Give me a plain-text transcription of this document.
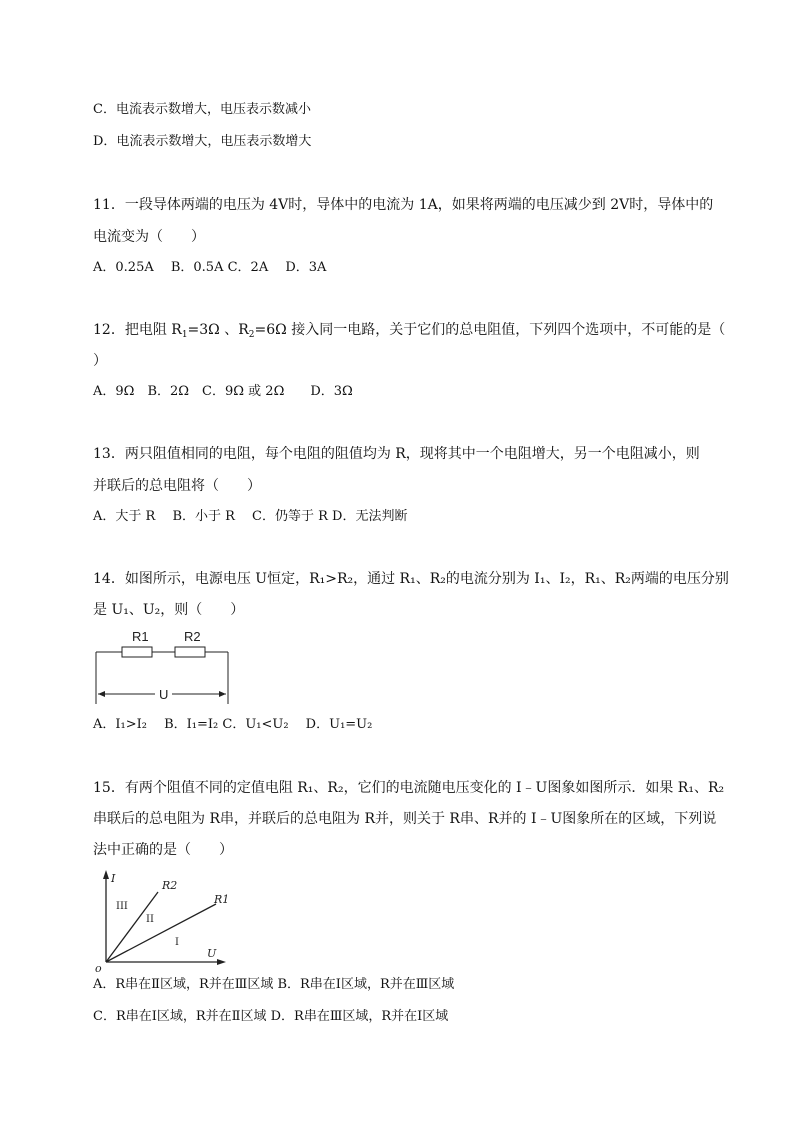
C．电流表示数增大，电压表示数减小
D．电流表示数增大，电压表示数增大
11．一段导体两端的电压为 4V时，导体中的电流为 1A，如果将两端的电压减少到 2V时，导体中的
电流变为（　　）
A．0.25A　 B．0.5A C．2A　 D．3A
12．把电阻 $R_1=3\Omega$ 、$R_2=6\Omega$ 接入同一电路，关于它们的总电阻值，下列四个选项中，不可能的是（
）
A．9Ω　B．2Ω　C．9Ω 或 2Ω　　D．3Ω
13．两只阻值相同的电阻，每个电阻的阻值均为 R，现将其中一个电阻增大，另一个电阻减小，则
并联后的总电阻将（　　）
A．大于 R　 B．小于 R　 C．仍等于 R D．无法判断
14．如图所示，电源电压 U恒定，R₁>R₂，通过 R₁、R₂的电流分别为 I₁、I₂，R₁、R₂两端的电压分别
是 U₁、U₂，则（　　）
R1	R2
U
A．I₁>I₂　 B．I₁=I₂ C．U₁<U₂　 D．U₁=U₂
15．有两个阻值不同的定值电阻 R₁、R₂，它们的电流随电压变化的 I﹣U图象如图所示．如果 R₁、R₂
串联后的总电阻为 R串，并联后的总电阻为 R并，则关于 R串、R并的 I﹣U图象所在的区域，下列说
法中正确的是（　　）
I
U
o
R2
R1
III
II
I
A．R串在Ⅱ区域，R并在Ⅲ区域 B．R串在Ⅰ区域，R并在Ⅲ区域
C．R串在Ⅰ区域，R并在Ⅱ区域 D．R串在Ⅲ区域，R并在Ⅰ区域
